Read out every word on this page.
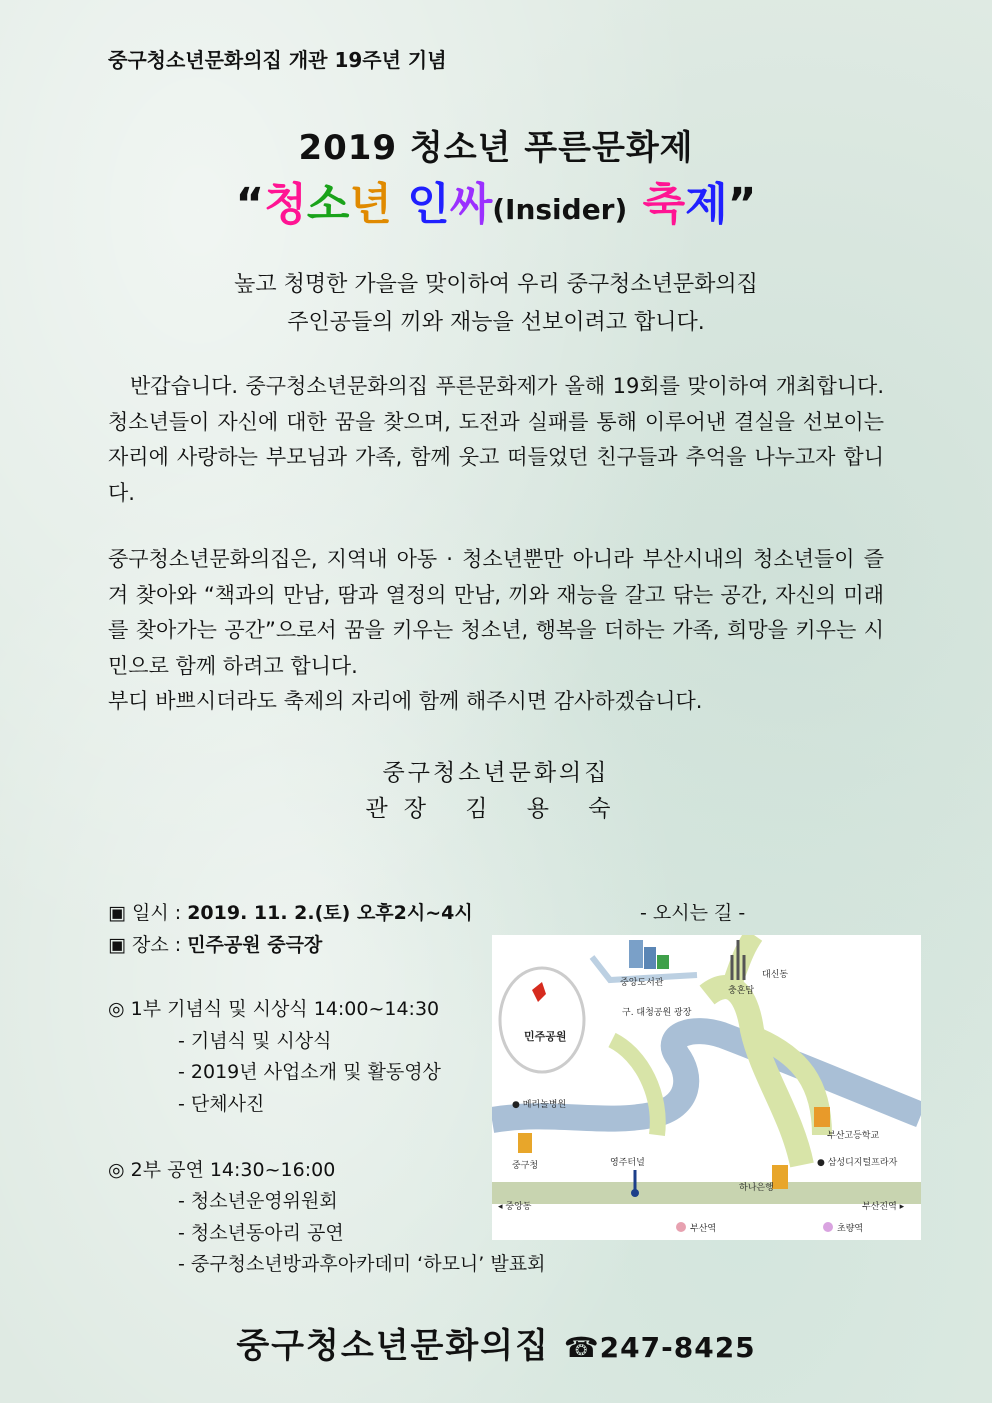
중구청소년문화의집 개관 19주년 기념
2019 청소년 푸른문화제
“청소년 인싸(Insider) 축제”
높고 청명한 가을을 맞이하여 우리 중구청소년문화의집
주인공들의 끼와 재능을 선보이려고 합니다.
반갑습니다. 중구청소년문화의집 푸른문화제가 올해 19회를 맞이하여 개최합니다. 청소년들이 자신에 대한 꿈을 찾으며, 도전과 실패를 통해 이루어낸 결실을 선보이는 자리에 사랑하는 부모님과 가족, 함께 웃고 떠들었던 친구들과 추억을 나누고자 합니다.
중구청소년문화의집은, 지역내 아동 · 청소년뿐만 아니라 부산시내의 청소년들이 즐겨 찾아와 “책과의 만남, 땀과 열정의 만남, 끼와 재능을 갈고 닦는 공간, 자신의 미래를 찾아가는 공간”으로서 꿈을 키우는 청소년, 행복을 더하는 가족, 희망을 키우는 시민으로 함께 하려고 합니다.
부디 바쁘시더라도 축제의 자리에 함께 해주시면 감사하겠습니다.
중구청소년문화의집
관장 김 용 숙
▣ 일시 : 2019. 11. 2.(토) 오후2시~4시
▣ 장소 : 민주공원 중극장
◎ 1부 기념식 및 시상식 14:00~14:30
- 기념식 및 시상식
- 2019년 사업소개 및 활동영상
- 단체사진
◎ 2부 공연 14:30~16:00
- 청소년운영위원회
- 청소년동아리 공연
- 중구청소년방과후아카데미 ‘하모니’ 발표회
- 오시는 길 -
민주공원
중앙도서관
구. 대청공원 광장
충혼탑
대신동
● 메리놀병원
중구청	영주터널
부산고등학교
● 삼성디지털프라자
하나은행
◂ 중앙동	부산진역 ▸
부산역	초량역
중구청소년문화의집 ☎247-8425
